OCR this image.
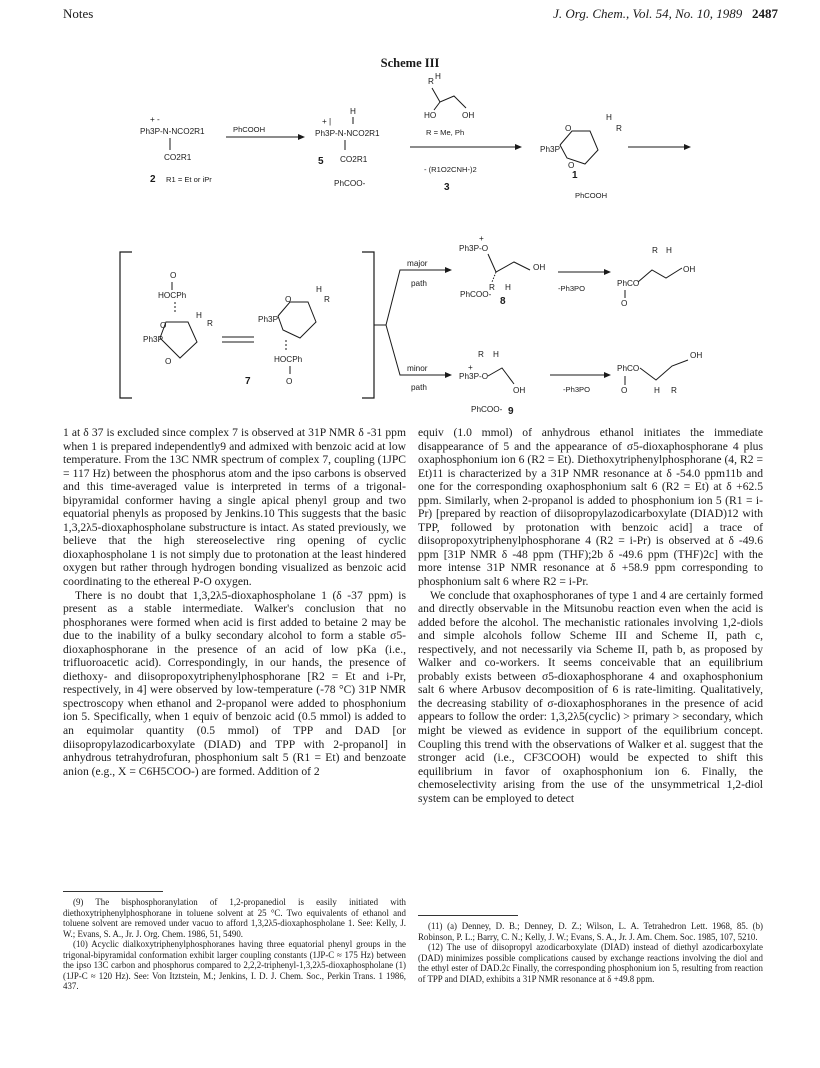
Notes	J. Org. Chem., Vol. 54, No. 10, 1989 2487
Scheme III
+ -
Ph3P-N-NCO2R1
CO2R1
2 R1 = Et or iPr
PhCOOH
H
+ |
Ph3P-N-NCO2R1
5 CO2R1
PhCOO-
R
H
HO	OH
R = Me, Ph
- (R1O2CNH-)2
3
Ph3P
O
O
H
R
1
PhCOOH
O
HOCPh
H
R
O
Ph3P
O
Ph3P
O
H
R
HOCPh
O
7
major
path
minor
path
+
Ph3P-O
OH
R H
PhCOO-
8
-Ph3PO
R H
OH
PhCO
O
R H
+
Ph3P-O
OH
PhCOO- 9
-Ph3PO
PhCO
O
OH
H R

1 at δ 37 is excluded since complex 7 is observed at 31P NMR δ -31 ppm when 1 is prepared independently9 and admixed with benzoic acid at low temperature. From the 13C NMR spectrum of complex 7, coupling (1JPC = 117 Hz) between the phosphorus atom and the ipso carbons is observed and this time-averaged value is interpreted in terms of a trigonal-bipyramidal conformer having a single apical phenyl group and two equatorial phenyls as proposed by Jenkins.10 This suggests that the basic 1,3,2λ5-dioxaphospholane substructure is intact. As stated previously, we believe that the high stereoselective ring opening of cyclic dioxaphospholane 1 is not simply due to protonation at the least hindered oxygen but rather through hydrogen bonding visualized as benzoic acid coordinating to the ethereal P-O oxygen.

There is no doubt that 1,3,2λ5-dioxaphospholane 1 (δ -37 ppm) is present as a stable intermediate. Walker's conclusion that no phosphoranes were formed when acid is first added to betaine 2 may be due to the inability of a bulky secondary alcohol to form a stable σ5-dioxaphosphorane in the presence of an acid of low pKa (i.e., trifluoroacetic acid). Correspondingly, in our hands, the presence of diethoxy- and diisopropoxytriphenylphosphorane [R2 = Et and i-Pr, respectively, in 4] were observed by low-temperature (-78 °C) 31P NMR spectroscopy when ethanol and 2-propanol were added to phosphonium ion 5. Specifically, when 1 equiv of benzoic acid (0.5 mmol) is added to an equimolar quantity (0.5 mmol) of TPP and DAD [or diisopropylazodicarboxylate (DIAD) and TPP with 2-propanol] in anhydrous tetrahydrofuran, phosphonium salt 5 (R1 = Et) and benzoate anion (e.g., X = C6H5COO-) are formed. Addition of 2

equiv (1.0 mmol) of anhydrous ethanol initiates the immediate disappearance of 5 and the appearance of σ5-dioxaphosphorane 4 plus oxaphosphonium ion 6 (R2 = Et). Diethoxytriphenylphosphorane (4, R2 = Et)11 is characterized by a 31P NMR resonance at δ -54.0 ppm11b and one for the corresponding oxaphosphonium salt 6 (R2 = Et) at δ +62.5 ppm. Similarly, when 2-propanol is added to phosphonium ion 5 (R1 = i-Pr) [prepared by reaction of diisopropylazodicarboxylate (DIAD)12 with TPP, followed by protonation with benzoic acid] a trace of diisopropoxytriphenylphosphorane 4 (R2 = i-Pr) is observed at δ -49.6 ppm [31P NMR δ -48 ppm (THF);2b δ -49.6 ppm (THF)2c] with the more intense 31P NMR resonance at δ +58.9 ppm corresponding to phosphonium salt 6 where R2 = i-Pr.

We conclude that oxaphosphoranes of type 1 and 4 are certainly formed and directly observable in the Mitsunobu reaction even when the acid is added before the alcohol. The mechanistic rationales involving 1,2-diols and simple alcohols follow Scheme III and Scheme II, path c, respectively, and not necessarily via Scheme II, path b, as proposed by Walker and co-workers. It seems conceivable that an equilibrium probably exists between σ5-dioxaphosphorane 4 and oxaphosphonium salt 6 where Arbusov decomposition of 6 is rate-limiting. Qualitatively, the decreasing stability of σ-dioxaphosphoranes in the presence of acid appears to follow the order: 1,3,2λ5(cyclic) > primary > secondary, which might be viewed as evidence in support of the equilibrium concept. Coupling this trend with the observations of Walker et al. suggest that the stronger acid (i.e., CF3COOH) would be expected to shift this equilibrium in favor of oxaphosphonium ion 6. Finally, the chemoselectivity arising from the use of the unsymmetrical 1,2-diol system can be employed to detect

(9) The bisphosphoranylation of 1,2-propanediol is easily initiated with diethoxytriphenylphosphorane in toluene solvent at 25 °C. Two equivalents of ethanol and toluene solvent are removed under vacuo to afford 1,3,2λ5-dioxaphospholane 1. See: Kelly, J. W.; Evans, S. A., Jr. J. Org. Chem. 1986, 51, 5490.

(10) Acyclic dialkoxytriphenylphosphoranes having three equatorial phenyl groups in the trigonal-bipyramidal conformation exhibit larger coupling constants (1JP-C ≈ 175 Hz) between the ipso 13C carbon and phosphorus compared to 2,2,2-triphenyl-1,3,2λ5-dioxaphospholane (1) (1JP-C ≈ 120 Hz). See: Von Itztstein, M.; Jenkins, I. D. J. Chem. Soc., Perkin Trans. 1 1986, 437.

(11) (a) Denney, D. B.; Denney, D. Z.; Wilson, L. A. Tetrahedron Lett. 1968, 85. (b) Robinson, P. L.; Barry, C. N.; Kelly, J. W.; Evans, S. A., Jr. J. Am. Chem. Soc. 1985, 107, 5210.

(12) The use of diisopropyl azodicarboxylate (DIAD) instead of diethyl azodicarboxylate (DAD) minimizes possible complications caused by exchange reactions involving the diol and the ethyl ester of DAD.2c Finally, the corresponding phosphonium ion 5, resulting from reaction of TPP and DIAD, exhibits a 31P NMR resonance at δ +49.8 ppm.
